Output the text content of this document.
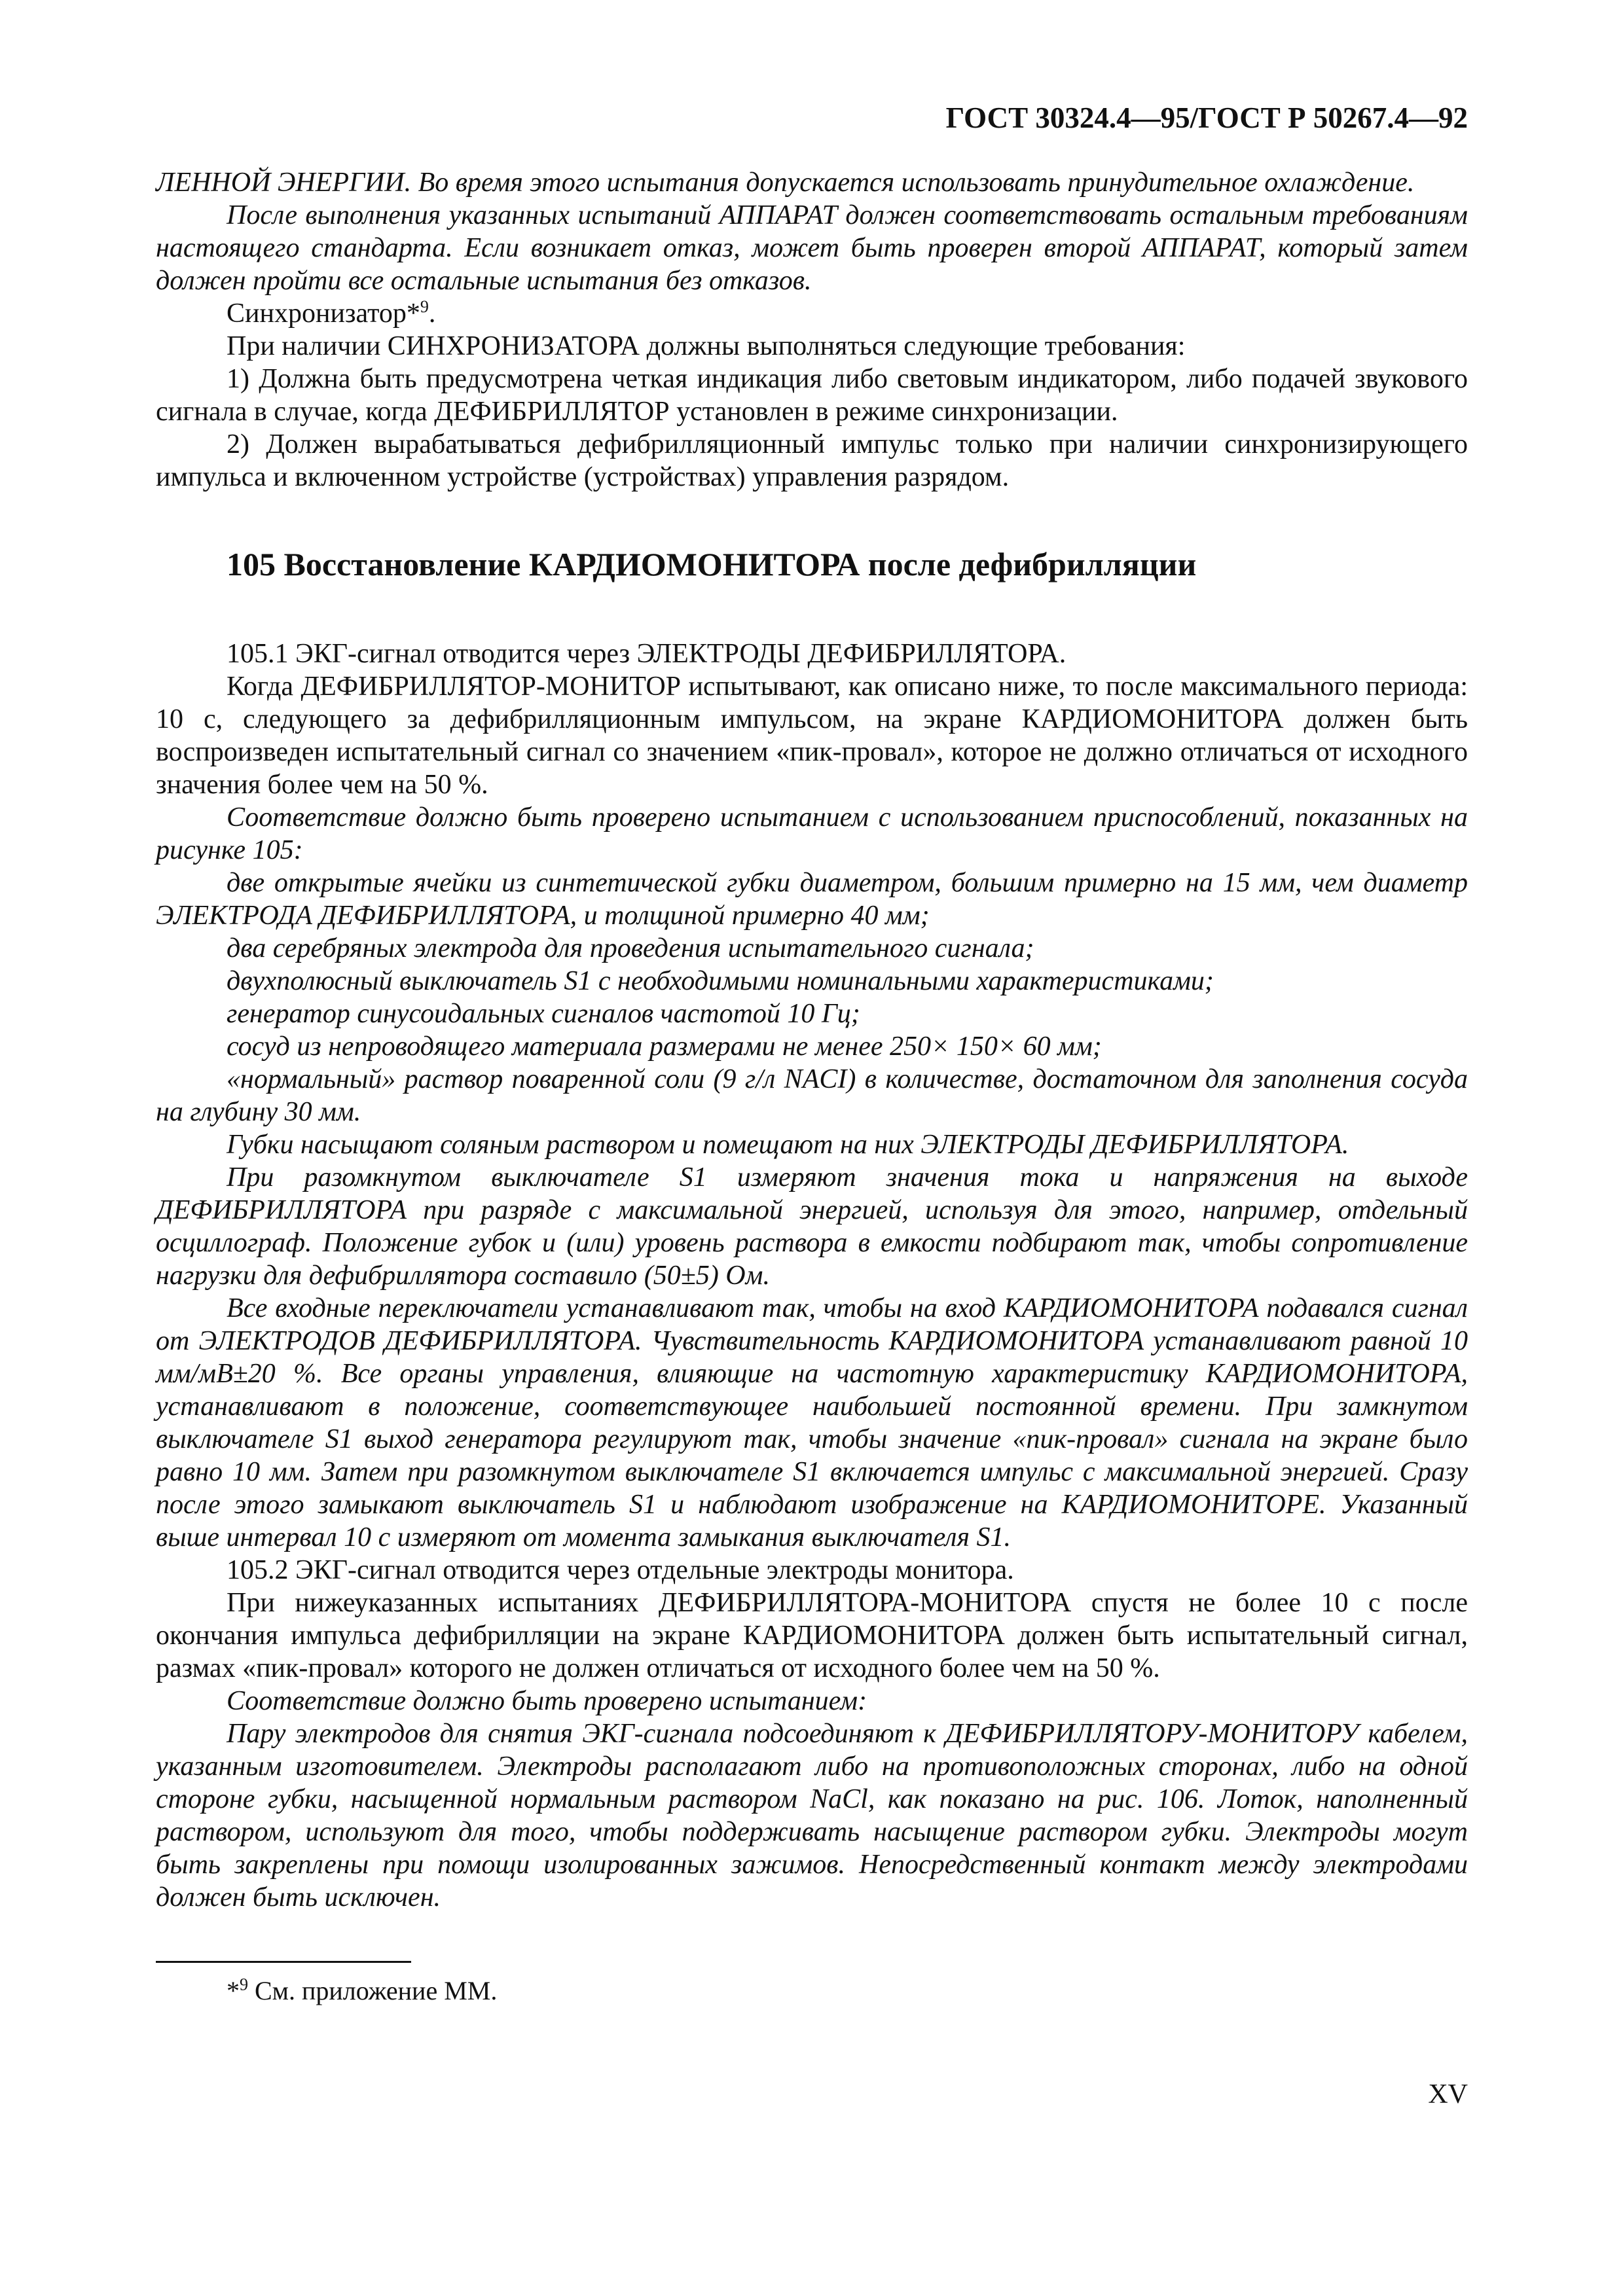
ГОСТ 30324.4—95/ГОСТ Р 50267.4—92

ЛЕННОЙ ЭНЕРГИИ. Во время этого испытания допускается использовать принудительное охлаждение.

После выполнения указанных испытаний АППАРАТ должен соответствовать остальным требованиям настоящего стандарта. Если возникает отказ, может быть проверен второй АППАРАТ, который затем должен пройти все остальные испытания без отказов.

Синхронизатор*$^9$.

При наличии СИНХРОНИЗАТОРА должны выполняться следующие требования:

1) Должна быть предусмотрена четкая индикация либо световым индикатором, либо подачей звукового сигнала в случае, когда ДЕФИБРИЛЛЯТОР установлен в режиме синхронизации.

2) Должен вырабатываться дефибрилляционный импульс только при наличии синхронизирующего импульса и включенном устройстве (устройствах) управления разрядом.

105 Восстановление КАРДИОМОНИТОРА после дефибрилляции

105.1 ЭКГ-сигнал отводится через ЭЛЕКТРОДЫ ДЕФИБРИЛЛЯТОРА.

Когда ДЕФИБРИЛЛЯТОР-МОНИТОР испытывают, как описано ниже, то после максимального периода: 10 с, следующего за дефибрилляционным импульсом, на экране КАРДИОМОНИТОРА должен быть воспроизведен испытательный сигнал со значением «пик-провал», которое не должно отличаться от исходного значения более чем на 50 %.

Соответствие должно быть проверено испытанием с использованием приспособлений, показанных на рисунке 105:

две открытые ячейки из синтетической губки диаметром, большим примерно на 15 мм, чем диаметр ЭЛЕКТРОДА ДЕФИБРИЛЛЯТОРА, и толщиной примерно 40 мм;

два серебряных электрода для проведения испытательного сигнала;

двухполюсный выключатель S1 с необходимыми номинальными характеристиками;

генератор синусоидальных сигналов частотой 10 Гц;

сосуд из непроводящего материала размерами не менее 250× 150× 60 мм;

«нормальный» раствор поваренной соли (9 г/л NACI) в количестве, достаточном для заполнения сосуда на глубину 30 мм.

Губки насыщают соляным раствором и помещают на них ЭЛЕКТРОДЫ ДЕФИБРИЛЛЯТОРА.

При разомкнутом выключателе S1 измеряют значения тока и напряжения на выходе ДЕФИБРИЛЛЯТОРА при разряде с максимальной энергией, используя для этого, например, отдельный осциллограф. Положение губок и (или) уровень раствора в емкости подбирают так, чтобы сопротивление нагрузки для дефибриллятора составило (50±5) Ом.

Все входные переключатели устанавливают так, чтобы на вход КАРДИОМОНИТОРА подавался сигнал от ЭЛЕКТРОДОВ ДЕФИБРИЛЛЯТОРА. Чувствительность КАРДИОМОНИТОРА устанавливают равной 10 мм/мВ±20 %. Все органы управления, влияющие на частотную характеристику КАРДИОМОНИТОРА, устанавливают в положение, соответствующее наибольшей постоянной времени. При замкнутом выключателе S1 выход генератора регулируют так, чтобы значение «пик-провал» сигнала на экране было равно 10 мм. Затем при разомкнутом выключателе S1 включается импульс с максимальной энергией. Сразу после этого замыкают выключатель S1 и наблюдают изображение на КАРДИОМОНИТОРЕ. Указанный выше интервал 10 с измеряют от момента замыкания выключателя S1.

105.2 ЭКГ-сигнал отводится через отдельные электроды монитора.

При нижеуказанных испытаниях ДЕФИБРИЛЛЯТОРА-МОНИТОРА спустя не более 10 с после окончания импульса дефибрилляции на экране КАРДИОМОНИТОРА должен быть испытательный сигнал, размах «пик-провал» которого не должен отличаться от исходного более чем на 50 %.

Соответствие должно быть проверено испытанием:

Пару электродов для снятия ЭКГ-сигнала подсоединяют к ДЕФИБРИЛЛЯТОРУ-МОНИТОРУ кабелем, указанным изготовителем. Электроды располагают либо на противоположных сторонах, либо на одной стороне губки, насыщенной нормальным раствором NaCl, как показано на рис. 106. Лоток, наполненный раствором, используют для того, чтобы поддерживать насыщение раствором губки. Электроды могут быть закреплены при помощи изолированных зажимов. Непосредственный контакт между электродами должен быть исключен.

*$^9$ См. приложение ММ.

XV
